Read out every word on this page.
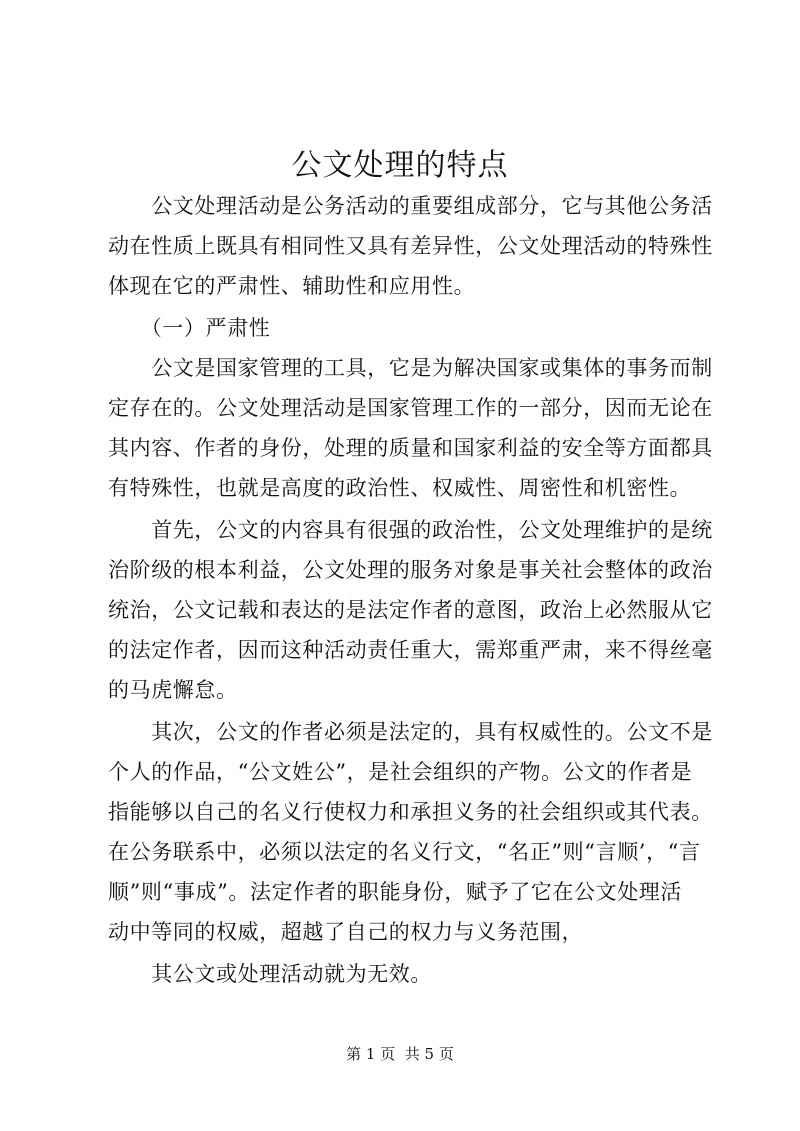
公文处理的特点
　　公文处理活动是公务活动的重要组成部分，它与其他公务活
动在性质上既具有相同性又具有差异性，公文处理活动的特殊性
体现在它的严肃性、辅助性和应用性。
　　（一）严肃性
　　公文是国家管理的工具，它是为解决国家或集体的事务而制
定存在的。公文处理活动是国家管理工作的一部分，因而无论在
其内容、作者的身份，处理的质量和国家利益的安全等方面都具
有特殊性，也就是高度的政治性、权威性、周密性和机密性。
　　首先，公文的内容具有很强的政治性，公文处理维护的是统
治阶级的根本利益，公文处理的服务对象是事关社会整体的政治
统治，公文记载和表达的是法定作者的意图，政治上必然服从它
的法定作者，因而这种活动责任重大，需郑重严肃，来不得丝毫
的马虎懈怠。
　　其次，公文的作者必须是法定的，具有权威性的。公文不是
个人的作品，“公文姓公”，是社会组织的产物。公文的作者是
指能够以自己的名义行使权力和承担义务的社会组织或其代表。
在公务联系中，必须以法定的名义行文，“名正”则“言顺’，“言
顺”则“事成”。法定作者的职能身份，赋予了它在公文处理活
动中等同的权威，超越了自己的权力与义务范围，
　　其公文或处理活动就为无效。
第 1 页  共 5 页
